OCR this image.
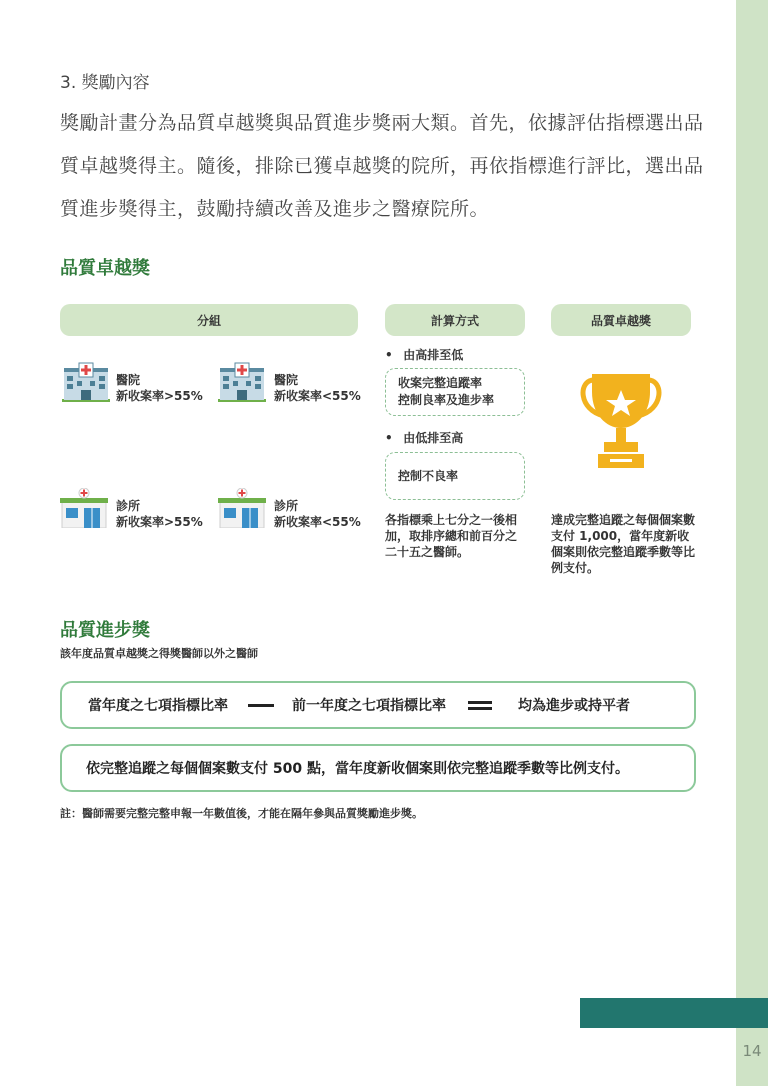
14
3. 獎勵內容
獎勵計畫分為品質卓越獎與品質進步獎兩大類。首先，依據評估指標選出品質卓越獎得主。隨後，排除已獲卓越獎的院所，再依指標進行評比，選出品質進步獎得主，鼓勵持續改善及進步之醫療院所。
品質卓越獎
分組	計算方式	品質卓越獎
醫院
新收案率>55%
醫院
新收案率<55%
診所
新收案率>55%
診所
新收案率<55%
• 由高排至低
收案完整追蹤率
控制良率及進步率
• 由低排至高
控制不良率
各指標乘上七分之一後相加，取排序總和前百分之二十五之醫師。
達成完整追蹤之每個個案數支付 1,000，當年度新收個案則依完整追蹤季數等比例支付。
品質進步獎
該年度品質卓越獎之得獎醫師以外之醫師
當年度之七項指標比率	前一年度之七項指標比率	均為進步或持平者
依完整追蹤之每個個案數支付 500 點，當年度新收個案則依完整追蹤季數等比例支付。
註：醫師需要完整完整申報一年數值後，才能在隔年參與品質獎勵進步獎。
